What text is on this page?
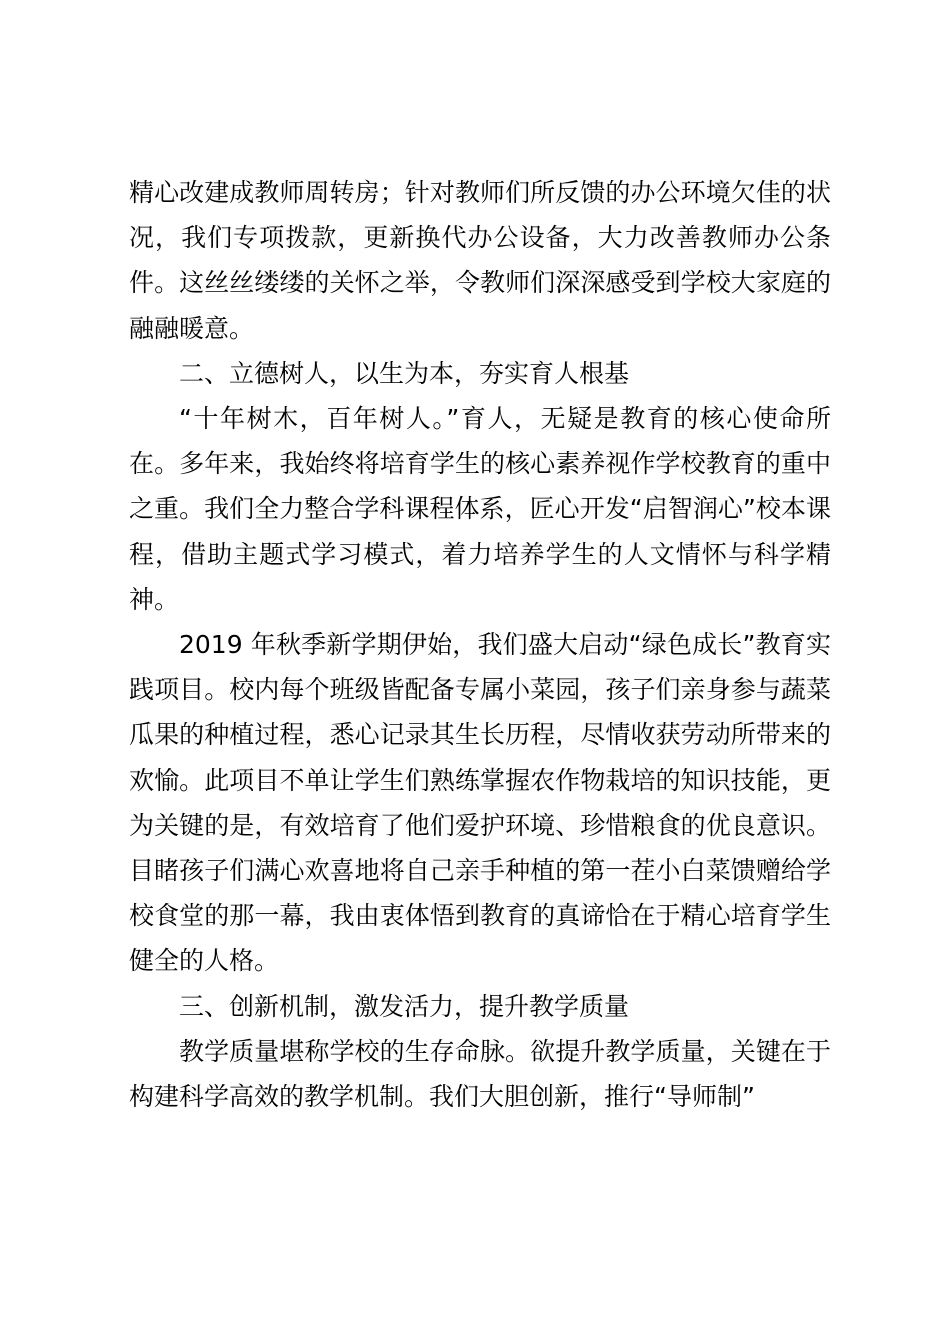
精心改建成教师周转房；针对教师们所反馈的办公环境欠佳的状况，我们专项拨款，更新换代办公设备，大力改善教师办公条件。这丝丝缕缕的关怀之举，令教师们深深感受到学校大家庭的融融暖意。

二、立德树人，以生为本，夯实育人根基

“十年树木，百年树人。”育人，无疑是教育的核心使命所在。多年来，我始终将培育学生的核心素养视作学校教育的重中之重。我们全力整合学科课程体系，匠心开发“启智润心”校本课程，借助主题式学习模式，着力培养学生的人文情怀与科学精神。

2019 年秋季新学期伊始，我们盛大启动“绿色成长”教育实践项目。校内每个班级皆配备专属小菜园，孩子们亲身参与蔬菜瓜果的种植过程，悉心记录其生长历程，尽情收获劳动所带来的欢愉。此项目不单让学生们熟练掌握农作物栽培的知识技能，更为关键的是，有效培育了他们爱护环境、珍惜粮食的优良意识。目睹孩子们满心欢喜地将自己亲手种植的第一茬小白菜馈赠给学校食堂的那一幕，我由衷体悟到教育的真谛恰在于精心培育学生健全的人格。

三、创新机制，激发活力，提升教学质量

教学质量堪称学校的生存命脉。欲提升教学质量，关键在于构建科学高效的教学机制。我们大胆创新，推行“导师制”
